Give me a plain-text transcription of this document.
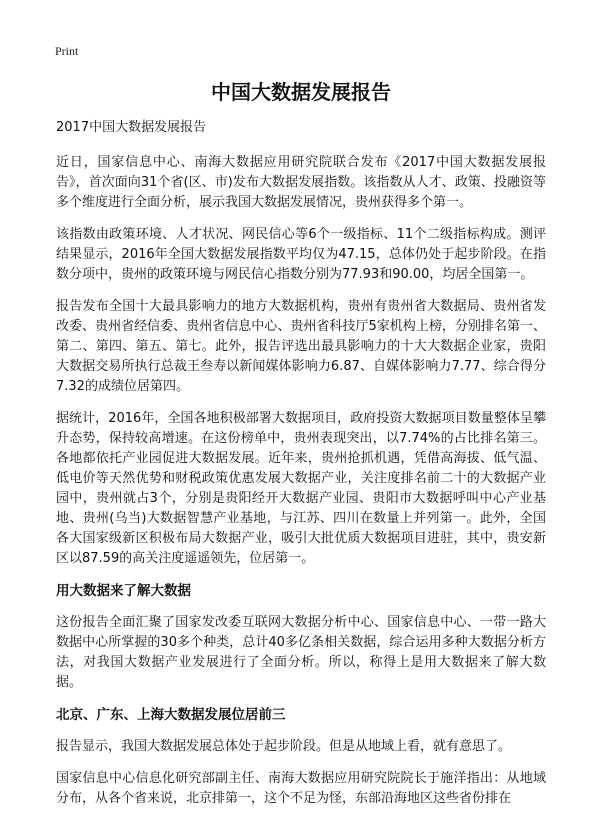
Print
中国大数据发展报告
2017中国大数据发展报告

近日，国家信息中心、南海大数据应用研究院联合发布《2017中国大数据发展报告》，首次面向31个省(区、市)发布大数据发展指数。该指数从人才、政策、投融资等多个维度进行全面分析，展示我国大数据发展情况，贵州获得多个第一。

该指数由政策环境、人才状况、网民信心等6个一级指标、11个二级指标构成。测评结果显示，2016年全国大数据发展指数平均仅为47.15，总体仍处于起步阶段。在指数分项中，贵州的政策环境与网民信心指数分别为77.93和90.00，均居全国第一。

报告发布全国十大最具影响力的地方大数据机构，贵州有贵州省大数据局、贵州省发改委、贵州省经信委、贵州省信息中心、贵州省科技厅5家机构上榜，分别排名第一、第二、第四、第五、第七。此外，报告评选出最具影响力的十大大数据企业家，贵阳大数据交易所执行总裁王叁寿以新闻媒体影响力6.87、自媒体影响力7.77、综合得分7.32的成绩位居第四。

据统计，2016年，全国各地积极部署大数据项目，政府投资大数据项目数量整体呈攀升态势，保持较高增速。在这份榜单中，贵州表现突出，以7.74%的占比排名第三。各地都依托产业园促进大数据发展。近年来，贵州抢抓机遇，凭借高海拔、低气温、低电价等天然优势和财税政策优惠发展大数据产业，关注度排名前二十的大数据产业园中，贵州就占3个，分别是贵阳经开大数据产业园、贵阳市大数据呼叫中心产业基地、贵州(乌当)大数据智慧产业基地，与江苏、四川在数量上并列第一。此外，全国各大国家级新区积极布局大数据产业，吸引大批优质大数据项目进驻，其中，贵安新区以87.59的高关注度遥遥领先，位居第一。

用大数据来了解大数据

这份报告全面汇聚了国家发改委互联网大数据分析中心、国家信息中心、一带一路大数据中心所掌握的30多个种类，总计40多亿条相关数据，综合运用多种大数据分析方法，对我国大数据产业发展进行了全面分析。所以，称得上是用大数据来了解大数据。

北京、广东、上海大数据发展位居前三

报告显示，我国大数据发展总体处于起步阶段。但是从地域上看，就有意思了。

国家信息中心信息化研究部副主任、南海大数据应用研究院院长于施洋指出：从地域分布，从各个省来说，北京排第一，这个不足为怪，东部沿海地区这些省份排在
